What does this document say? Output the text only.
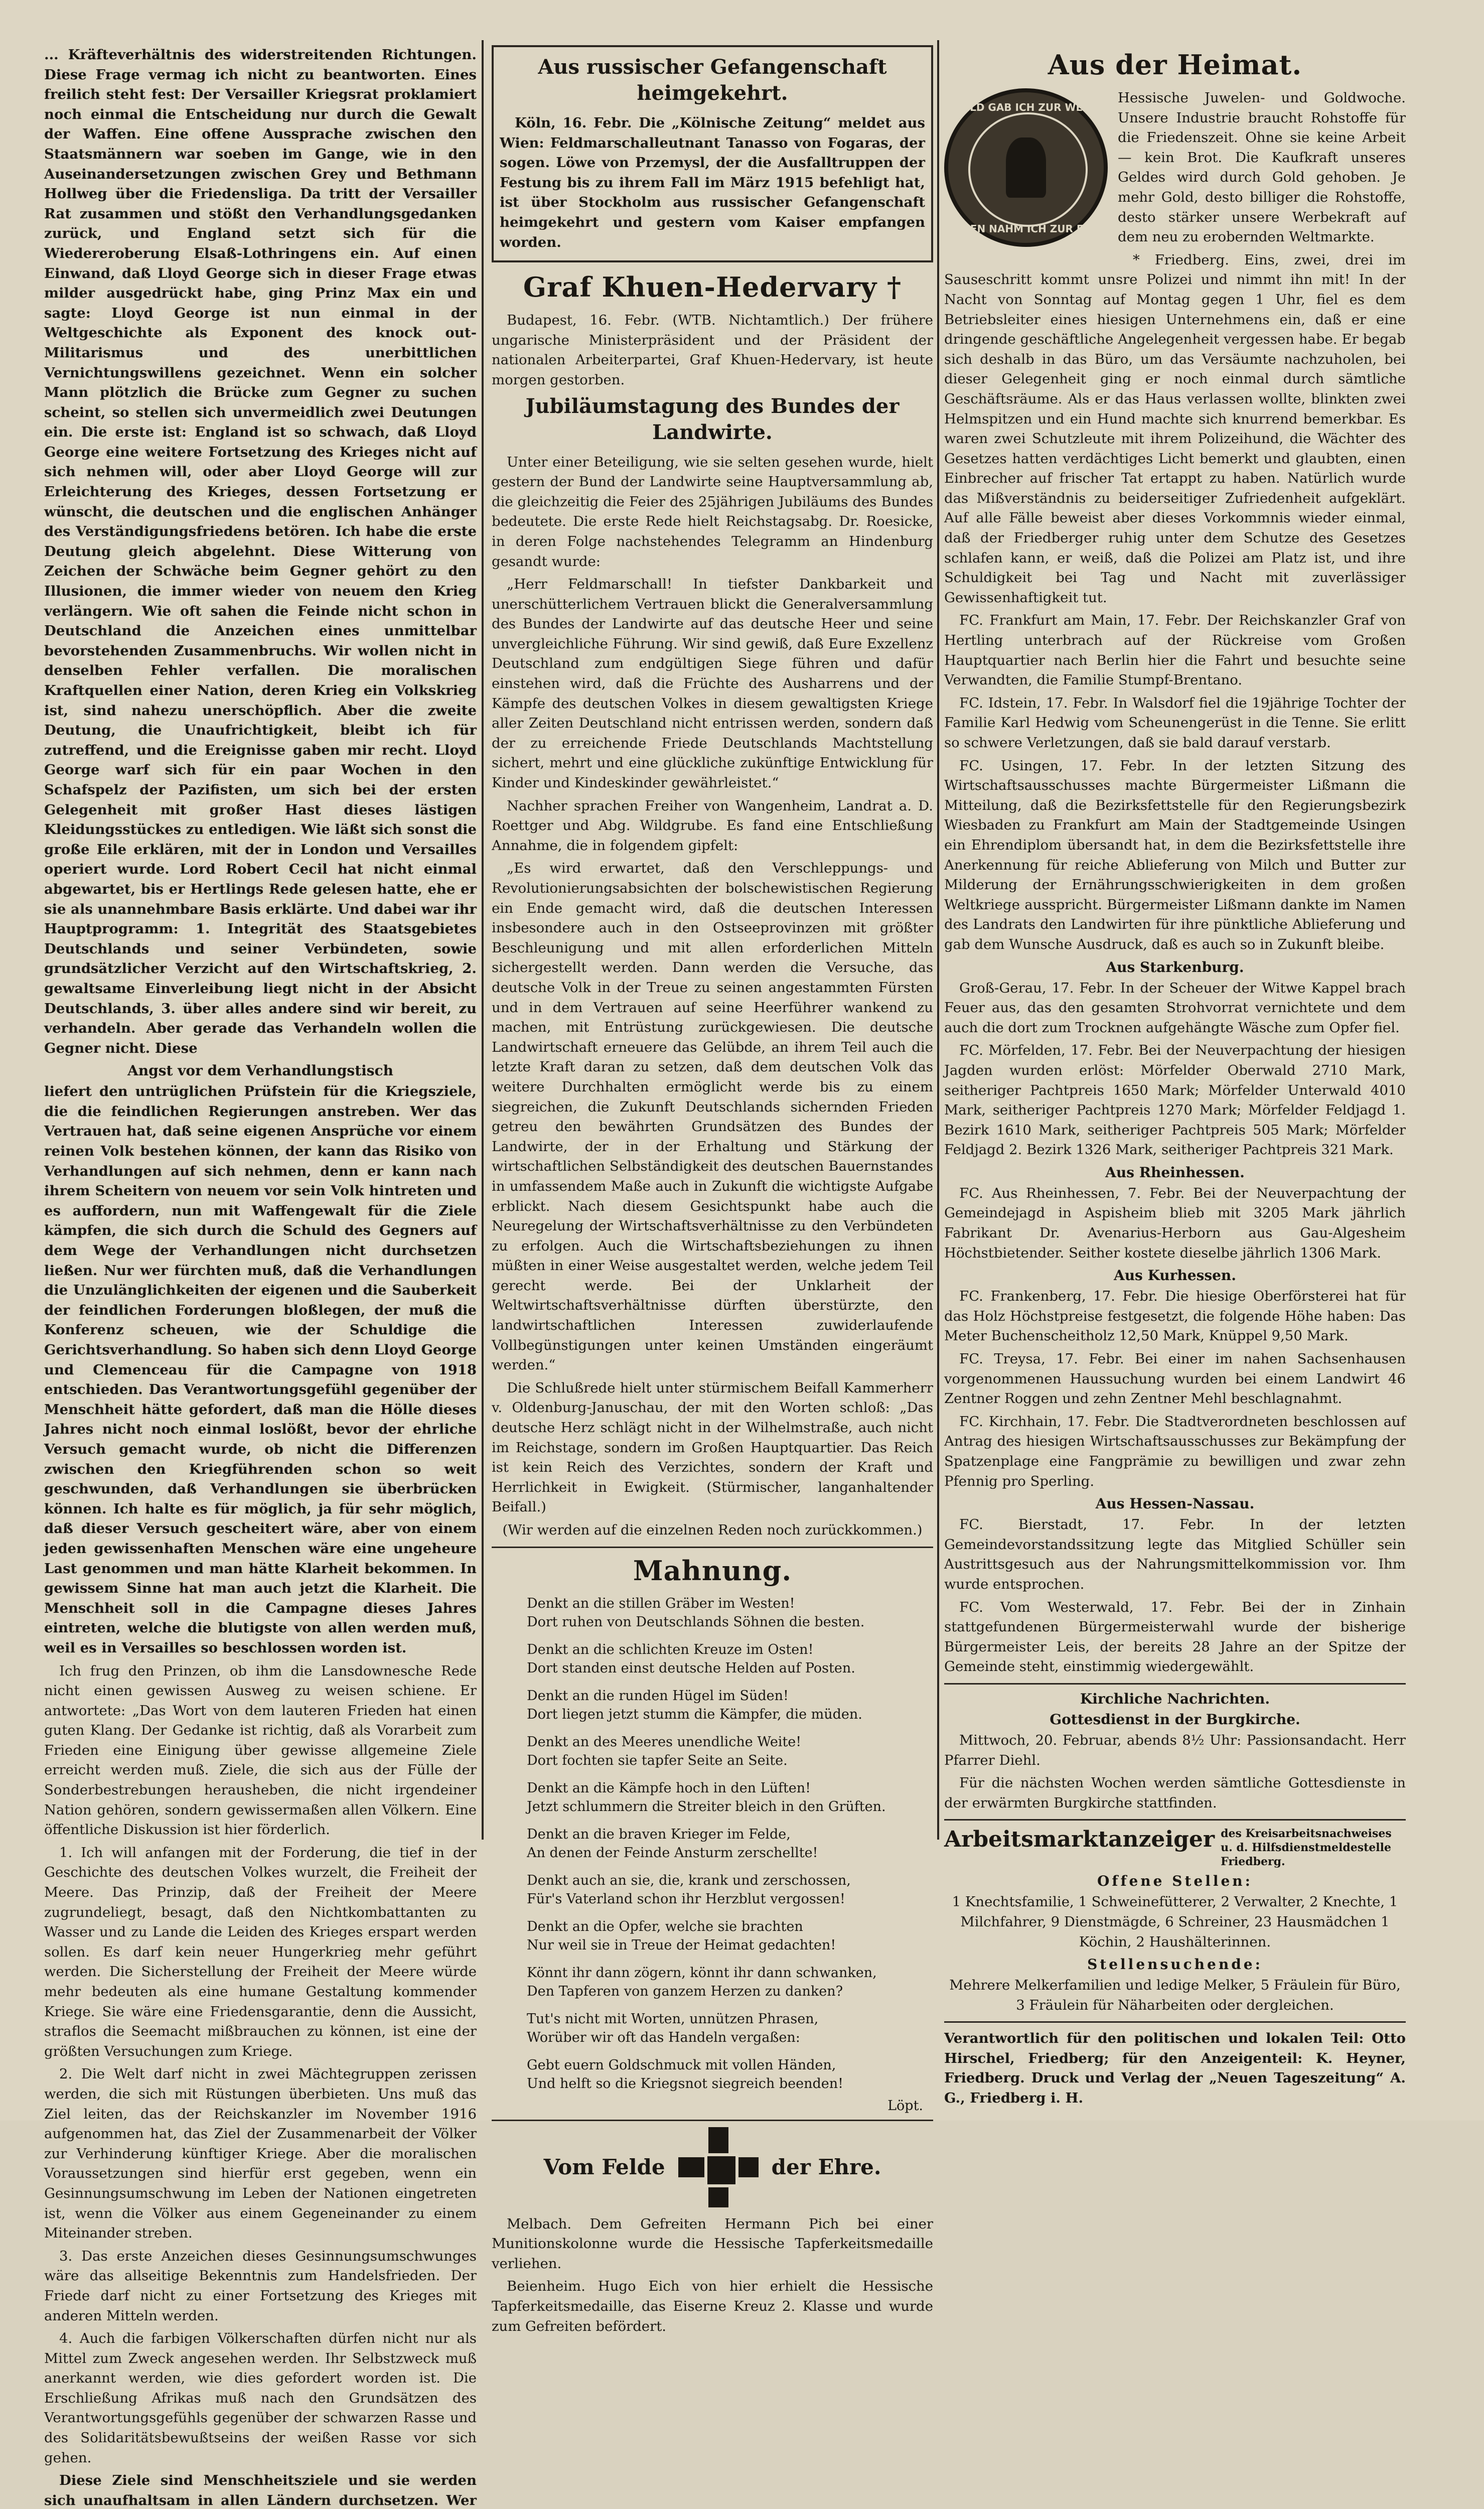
... Kräfteverhältnis des widerstreitenden Richtungen. Diese Frage vermag ich nicht zu beantworten. Eines freilich steht fest: Der Versailler Kriegsrat proklamiert noch einmal die Entscheidung nur durch die Gewalt der Waffen. Eine offene Aussprache zwischen den Staatsmännern war soeben im Gange, wie in den Auseinandersetzungen zwischen Grey und Bethmann Hollweg über die Friedensliga. Da tritt der Versailler Rat zusammen und stößt den Verhandlungsgedanken zurück, und England setzt sich für die Wiedereroberung Elsaß-Lothringens ein. Auf einen Einwand, daß Lloyd George sich in dieser Frage etwas milder ausgedrückt habe, ging Prinz Max ein und sagte: Lloyd George ist nun einmal in der Weltgeschichte als Exponent des knock out-Militarismus und des unerbittlichen Vernichtungswillens gezeichnet. Wenn ein solcher Mann plötzlich die Brücke zum Gegner zu suchen scheint, so stellen sich unvermeidlich zwei Deutungen ein. Die erste ist: England ist so schwach, daß Lloyd George eine weitere Fortsetzung des Krieges nicht auf sich nehmen will, oder aber Lloyd George will zur Erleichterung des Krieges, dessen Fortsetzung er wünscht, die deutschen und die englischen Anhänger des Verständigungsfriedens betören. Ich habe die erste Deutung gleich abgelehnt. Diese Witterung von Zeichen der Schwäche beim Gegner gehört zu den Illusionen, die immer wieder von neuem den Krieg verlängern. Wie oft sahen die Feinde nicht schon in Deutschland die Anzeichen eines unmittelbar bevorstehenden Zusammenbruchs. Wir wollen nicht in denselben Fehler verfallen. Die moralischen Kraftquellen einer Nation, deren Krieg ein Volkskrieg ist, sind nahezu unerschöpflich. Aber die zweite Deutung, die Unaufrichtigkeit, bleibt ich für zutreffend, und die Ereignisse gaben mir recht. Lloyd George warf sich für ein paar Wochen in den Schafspelz der Pazifisten, um sich bei der ersten Gelegenheit mit großer Hast dieses lästigen Kleidungsstückes zu entledigen. Wie läßt sich sonst die große Eile erklären, mit der in London und Versailles operiert wurde. Lord Robert Cecil hat nicht einmal abgewartet, bis er Hertlings Rede gelesen hatte, ehe er sie als unannehmbare Basis erklärte. Und dabei war ihr Hauptprogramm: 1. Integrität des Staatsgebietes Deutschlands und seiner Verbündeten, sowie grundsätzlicher Verzicht auf den Wirtschaftskrieg, 2. gewaltsame Einverleibung liegt nicht in der Absicht Deutschlands, 3. über alles andere sind wir bereit, zu verhandeln. Aber gerade das Verhandeln wollen die Gegner nicht. Diese

Angst vor dem Verhandlungstisch

liefert den untrüglichen Prüfstein für die Kriegsziele, die die feindlichen Regierungen anstreben. Wer das Vertrauen hat, daß seine eigenen Ansprüche vor einem reinen Volk bestehen können, der kann das Risiko von Verhandlungen auf sich nehmen, denn er kann nach ihrem Scheitern von neuem vor sein Volk hintreten und es auffordern, nun mit Waffengewalt für die Ziele kämpfen, die sich durch die Schuld des Gegners auf dem Wege der Verhandlungen nicht durchsetzen ließen. Nur wer fürchten muß, daß die Verhandlungen die Unzulänglichkeiten der eigenen und die Sauberkeit der feindlichen Forderungen bloßlegen, der muß die Konferenz scheuen, wie der Schuldige die Gerichtsverhandlung. So haben sich denn Lloyd George und Clemenceau für die Campagne von 1918 entschieden. Das Verantwortungsgefühl gegenüber der Menschheit hätte gefordert, daß man die Hölle dieses Jahres nicht noch einmal loslößt, bevor der ehrliche Versuch gemacht wurde, ob nicht die Differenzen zwischen den Kriegführenden schon so weit geschwunden, daß Verhandlungen sie überbrücken können. Ich halte es für möglich, ja für sehr möglich, daß dieser Versuch gescheitert wäre, aber von einem jeden gewissenhaften Menschen wäre eine ungeheure Last genommen und man hätte Klarheit bekommen. In gewissem Sinne hat man auch jetzt die Klarheit. Die Menschheit soll in die Campagne dieses Jahres eintreten, welche die blutigste von allen werden muß, weil es in Versailles so beschlossen worden ist.

Ich frug den Prinzen, ob ihm die Lansdownesche Rede nicht einen gewissen Ausweg zu weisen schiene. Er antwortete: „Das Wort von dem lauteren Frieden hat einen guten Klang. Der Gedanke ist richtig, daß als Vorarbeit zum Frieden eine Einigung über gewisse allgemeine Ziele erreicht werden muß. Ziele, die sich aus der Fülle der Sonderbestrebungen herausheben, die nicht irgendeiner Nation gehören, sondern gewissermaßen allen Völkern. Eine öffentliche Diskussion ist hier förderlich.

1. Ich will anfangen mit der Forderung, die tief in der Geschichte des deutschen Volkes wurzelt, die Freiheit der Meere. Das Prinzip, daß der Freiheit der Meere zugrundeliegt, besagt, daß den Nichtkombattanten zu Wasser und zu Lande die Leiden des Krieges erspart werden sollen. Es darf kein neuer Hungerkrieg mehr geführt werden. Die Sicherstellung der Freiheit der Meere würde mehr bedeuten als eine humane Gestaltung kommender Kriege. Sie wäre eine Friedensgarantie, denn die Aussicht, straflos die Seemacht mißbrauchen zu können, ist eine der größten Versuchungen zum Kriege.

2. Die Welt darf nicht in zwei Mächtegruppen zerissen werden, die sich mit Rüstungen überbieten. Uns muß das Ziel leiten, das der Reichskanzler im November 1916 aufgenommen hat, das Ziel der Zusammenarbeit der Völker zur Verhinderung künftiger Kriege. Aber die moralischen Voraussetzungen sind hierfür erst gegeben, wenn ein Gesinnungsumschwung im Leben der Nationen eingetreten ist, wenn die Völker aus einem Gegeneinander zu einem Miteinander streben.

3. Das erste Anzeichen dieses Gesinnungsumschwunges wäre das allseitige Bekenntnis zum Handelsfrieden. Der Friede darf nicht zu einer Fortsetzung des Krieges mit anderen Mitteln werden.

4. Auch die farbigen Völkerschaften dürfen nicht nur als Mittel zum Zweck angesehen werden. Ihr Selbstzweck muß anerkannt werden, wie dies gefordert worden ist. Die Erschließung Afrikas muß nach den Grundsätzen des Verantwortungsgefühls gegenüber der schwarzen Rasse und des Solidaritätsbewußtseins der weißen Rasse vor sich gehen.

Diese Ziele sind Menschheitsziele und sie werden sich unaufhaltsam in allen Ländern durchsetzen. Wer

Aus russischer Gefangenschaft heimgekehrt.

Köln, 16. Febr. Die „Kölnische Zeitung“ meldet aus Wien: Feldmarschalleutnant Tanasso von Fogaras, der sogen. Löwe von Przemysl, der die Ausfalltruppen der Festung bis zu ihrem Fall im März 1915 befehligt hat, ist über Stockholm aus russischer Gefangenschaft heimgekehrt und gestern vom Kaiser empfangen worden.

Graf Khuen-Hedervary †

Budapest, 16. Febr. (WTB. Nichtamtlich.) Der frühere ungarische Ministerpräsident und der Präsident der nationalen Arbeiterpartei, Graf Khuen-Hedervary, ist heute morgen gestorben.

Jubiläumstagung des Bundes der Landwirte.

Unter einer Beteiligung, wie sie selten gesehen wurde, hielt gestern der Bund der Landwirte seine Hauptversammlung ab, die gleichzeitig die Feier des 25jährigen Jubiläums des Bundes bedeutete. Die erste Rede hielt Reichstagsabg. Dr. Roesicke, in deren Folge nachstehendes Telegramm an Hindenburg gesandt wurde:

„Herr Feldmarschall! In tiefster Dankbarkeit und unerschütterlichem Vertrauen blickt die Generalversammlung des Bundes der Landwirte auf das deutsche Heer und seine unvergleichliche Führung. Wir sind gewiß, daß Eure Exzellenz Deutschland zum endgültigen Siege führen und dafür einstehen wird, daß die Früchte des Ausharrens und der Kämpfe des deutschen Volkes in diesem gewaltigsten Kriege aller Zeiten Deutschland nicht entrissen werden, sondern daß der zu erreichende Friede Deutschlands Machtstellung sichert, mehrt und eine glückliche zukünftige Entwicklung für Kinder und Kindeskinder gewährleistet.“

Nachher sprachen Freiher von Wangenheim, Landrat a. D. Roettger und Abg. Wildgrube. Es fand eine Entschließung Annahme, die in folgendem gipfelt:

„Es wird erwartet, daß den Verschleppungs- und Revolutionierungsabsichten der bolschewistischen Regierung ein Ende gemacht wird, daß die deutschen Interessen insbesondere auch in den Ostseeprovinzen mit größter Beschleunigung und mit allen erforderlichen Mitteln sichergestellt werden. Dann werden die Versuche, das deutsche Volk in der Treue zu seinen angestammten Fürsten und in dem Vertrauen auf seine Heerführer wankend zu machen, mit Entrüstung zurückgewiesen. Die deutsche Landwirtschaft erneuere das Gelübde, an ihrem Teil auch die letzte Kraft daran zu setzen, daß dem deutschen Volk das weitere Durchhalten ermöglicht werde bis zu einem siegreichen, die Zukunft Deutschlands sichernden Frieden getreu den bewährten Grundsätzen des Bundes der Landwirte, der in der Erhaltung und Stärkung der wirtschaftlichen Selbständigkeit des deutschen Bauernstandes in umfassendem Maße auch in Zukunft die wichtigste Aufgabe erblickt. Nach diesem Gesichtspunkt habe auch die Neuregelung der Wirtschaftsverhältnisse zu den Verbündeten zu erfolgen. Auch die Wirtschaftsbeziehungen zu ihnen müßten in einer Weise ausgestaltet werden, welche jedem Teil gerecht werde. Bei der Unklarheit der Weltwirtschaftsverhältnisse dürften überstürzte, den landwirtschaftlichen Interessen zuwiderlaufende Vollbegünstigungen unter keinen Umständen eingeräumt werden.“

Die Schlußrede hielt unter stürmischem Beifall Kammerherr v. Oldenburg-Januschau, der mit den Worten schloß: „Das deutsche Herz schlägt nicht in der Wilhelmstraße, auch nicht im Reichstage, sondern im Großen Hauptquartier. Das Reich ist kein Reich des Verzichtes, sondern der Kraft und Herrlichkeit in Ewigkeit. (Stürmischer, langanhaltender Beifall.)

(Wir werden auf die einzelnen Reden noch zurückkommen.)

Mahnung.
Denkt an die stillen Gräber im Westen!
Dort ruhen von Deutschlands Söhnen die besten.
Denkt an die schlichten Kreuze im Osten!
Dort standen einst deutsche Helden auf Posten.
Denkt an die runden Hügel im Süden!
Dort liegen jetzt stumm die Kämpfer, die müden.
Denkt an des Meeres unendliche Weite!
Dort fochten sie tapfer Seite an Seite.
Denkt an die Kämpfe hoch in den Lüften!
Jetzt schlummern die Streiter bleich in den Grüften.
Denkt an die braven Krieger im Felde,
An denen der Feinde Ansturm zerschellte!
Denkt auch an sie, die, krank und zerschossen,
Für's Vaterland schon ihr Herzblut vergossen!
Denkt an die Opfer, welche sie brachten
Nur weil sie in Treue der Heimat gedachten!
Könnt ihr dann zögern, könnt ihr dann schwanken,
Den Tapferen von ganzem Herzen zu danken?
Tut's nicht mit Worten, unnützen Phrasen,
Worüber wir oft das Handeln vergaßen:
Gebt euern Goldschmuck mit vollen Händen,
Und helft so die Kriegsnot siegreich beenden!
Löpt.
Vom Felde	der Ehre.

Melbach. Dem Gefreiten Hermann Pich bei einer Munitionskolonne wurde die Hessische Tapferkeitsmedaille verliehen.

Beienheim. Hugo Eich von hier erhielt die Hessische Tapferkeitsmedaille, das Eiserne Kreuz 2. Klasse und wurde zum Gefreiten befördert.

Aus der Heimat.
GOLD GAB ICH ZUR WEHR
EISEN NAHM ICH ZUR EHR

Hessische Juwelen- und Goldwoche. Unsere Industrie braucht Rohstoffe für die Friedenszeit. Ohne sie keine Arbeit — kein Brot. Die Kaufkraft unseres Geldes wird durch Gold gehoben. Je mehr Gold, desto billiger die Rohstoffe, desto stärker unsere Werbekraft auf dem neu zu erobernden Weltmarkte.

* Friedberg. Eins, zwei, drei im Sauseschritt kommt unsre Polizei und nimmt ihn mit! In der Nacht von Sonntag auf Montag gegen 1 Uhr, fiel es dem Betriebsleiter eines hiesigen Unternehmens ein, daß er eine dringende geschäftliche Angelegenheit vergessen habe. Er begab sich deshalb in das Büro, um das Versäumte nachzuholen, bei dieser Gelegenheit ging er noch einmal durch sämtliche Geschäftsräume. Als er das Haus verlassen wollte, blinkten zwei Helmspitzen und ein Hund machte sich knurrend bemerkbar. Es waren zwei Schutzleute mit ihrem Polizeihund, die Wächter des Gesetzes hatten verdächtiges Licht bemerkt und glaubten, einen Einbrecher auf frischer Tat ertappt zu haben. Natürlich wurde das Mißverständnis zu beiderseitiger Zufriedenheit aufgeklärt. Auf alle Fälle beweist aber dieses Vorkommnis wieder einmal, daß der Friedberger ruhig unter dem Schutze des Gesetzes schlafen kann, er weiß, daß die Polizei am Platz ist, und ihre Schuldigkeit bei Tag und Nacht mit zuverlässiger Gewissenhaftigkeit tut.

FC. Frankfurt am Main, 17. Febr. Der Reichskanzler Graf von Hertling unterbrach auf der Rückreise vom Großen Hauptquartier nach Berlin hier die Fahrt und besuchte seine Verwandten, die Familie Stumpf-Brentano.

FC. Idstein, 17. Febr. In Walsdorf fiel die 19jährige Tochter der Familie Karl Hedwig vom Scheunengerüst in die Tenne. Sie erlitt so schwere Verletzungen, daß sie bald darauf verstarb.

FC. Usingen, 17. Febr. In der letzten Sitzung des Wirtschaftsausschusses machte Bürgermeister Lißmann die Mitteilung, daß die Bezirksfettstelle für den Regierungsbezirk Wiesbaden zu Frankfurt am Main der Stadtgemeinde Usingen ein Ehrendiplom übersandt hat, in dem die Bezirksfettstelle ihre Anerkennung für reiche Ablieferung von Milch und Butter zur Milderung der Ernährungsschwierigkeiten in dem großen Weltkriege ausspricht. Bürgermeister Lißmann dankte im Namen des Landrats den Landwirten für ihre pünktliche Ablieferung und gab dem Wunsche Ausdruck, daß es auch so in Zukunft bleibe.

Aus Starkenburg.

Groß-Gerau, 17. Febr. In der Scheuer der Witwe Kappel brach Feuer aus, das den gesamten Strohvorrat vernichtete und dem auch die dort zum Trocknen aufgehängte Wäsche zum Opfer fiel.

FC. Mörfelden, 17. Febr. Bei der Neuverpachtung der hiesigen Jagden wurden erlöst: Mörfelder Oberwald 2710 Mark, seitheriger Pachtpreis 1650 Mark; Mörfelder Unterwald 4010 Mark, seitheriger Pachtpreis 1270 Mark; Mörfelder Feldjagd 1. Bezirk 1610 Mark, seitheriger Pachtpreis 505 Mark; Mörfelder Feldjagd 2. Bezirk 1326 Mark, seitheriger Pachtpreis 321 Mark.

Aus Rheinhessen.

FC. Aus Rheinhessen, 7. Febr. Bei der Neuverpachtung der Gemeindejagd in Aspisheim blieb mit 3205 Mark jährlich Fabrikant Dr. Avenarius-Herborn aus Gau-Algesheim Höchstbietender. Seither kostete dieselbe jährlich 1306 Mark.

Aus Kurhessen.

FC. Frankenberg, 17. Febr. Die hiesige Oberförsterei hat für das Holz Höchstpreise festgesetzt, die folgende Höhe haben: Das Meter Buchenscheitholz 12,50 Mark, Knüppel 9,50 Mark.

FC. Treysa, 17. Febr. Bei einer im nahen Sachsenhausen vorgenommenen Haussuchung wurden bei einem Landwirt 46 Zentner Roggen und zehn Zentner Mehl beschlagnahmt.

FC. Kirchhain, 17. Febr. Die Stadtverordneten beschlossen auf Antrag des hiesigen Wirtschaftsausschusses zur Bekämpfung der Spatzenplage eine Fangprämie zu bewilligen und zwar zehn Pfennig pro Sperling.

Aus Hessen-Nassau.

FC. Bierstadt, 17. Febr. In der letzten Gemeindevorstandssitzung legte das Mitglied Schüller sein Austrittsgesuch aus der Nahrungsmittelkommission vor. Ihm wurde entsprochen.

FC. Vom Westerwald, 17. Febr. Bei der in Zinhain stattgefundenen Bürgermeisterwahl wurde der bisherige Bürgermeister Leis, der bereits 28 Jahre an der Spitze der Gemeinde steht, einstimmig wiedergewählt.

Kirchliche Nachrichten.
Gottesdienst in der Burgkirche.

Mittwoch, 20. Februar, abends 8½ Uhr: Passionsandacht. Herr Pfarrer Diehl.

Für die nächsten Wochen werden sämtliche Gottesdienste in der erwärmten Burgkirche stattfinden.

Arbeitsmarktanzeiger des Kreisarbeitsnachweises u. d. Hilfsdienstmeldestelle Friedberg.
Offene Stellen:

1 Knechtsfamilie, 1 Schweinefütterer, 2 Verwalter, 2 Knechte, 1 Milchfahrer, 9 Dienstmägde, 6 Schreiner, 23 Hausmädchen 1 Köchin, 2 Haushälterinnen.

Stellensuchende:

Mehrere Melkerfamilien und ledige Melker, 5 Fräulein für Büro, 3 Fräulein für Näharbeiten oder dergleichen.

Verantwortlich für den politischen und lokalen Teil: Otto Hirschel, Friedberg; für den Anzeigenteil: K. Heyner, Friedberg. Druck und Verlag der „Neuen Tageszeitung“ A. G., Friedberg i. H.
